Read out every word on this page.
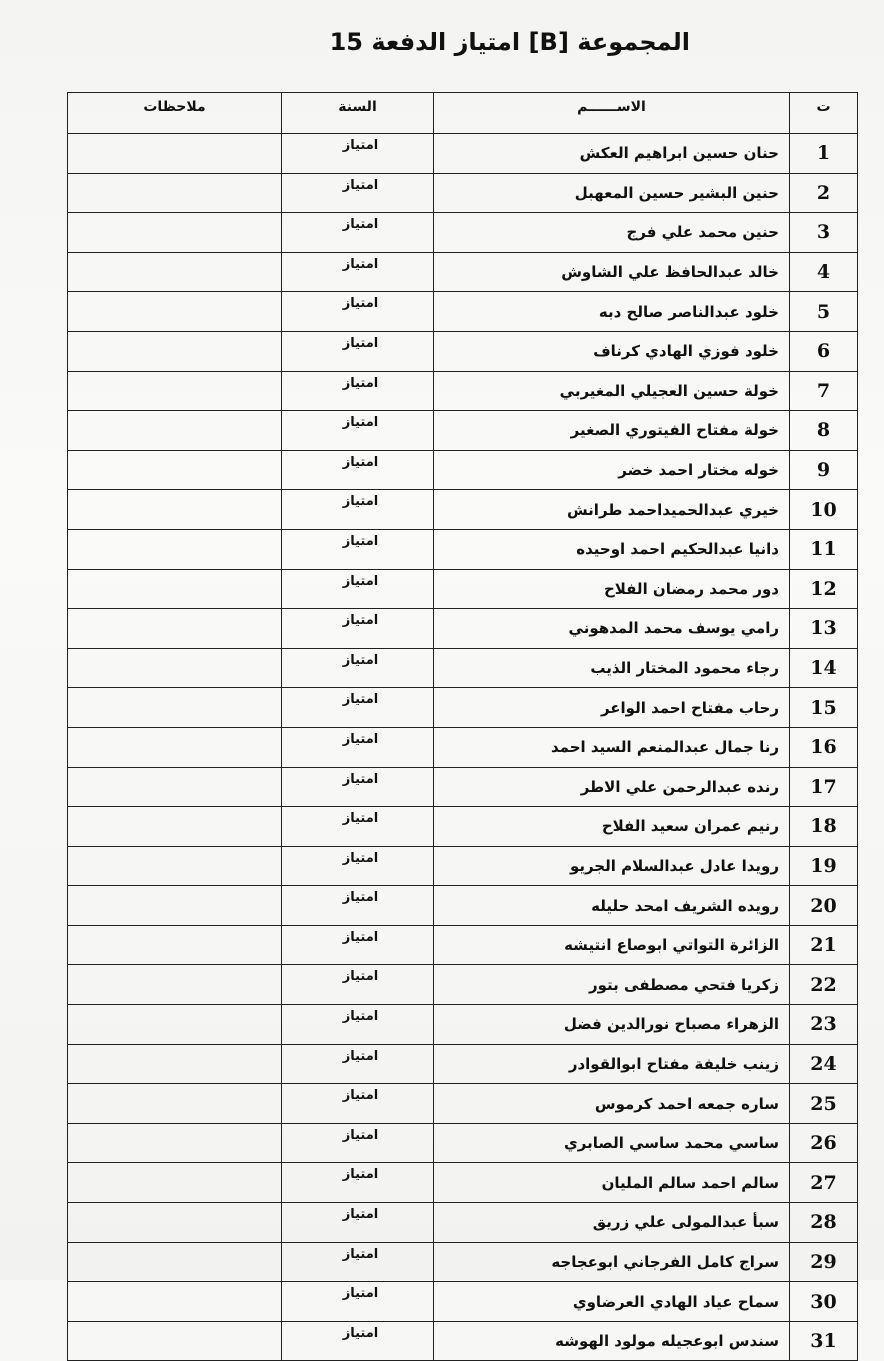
المجموعة [B] امتياز الدفعة 15
ت	الاســــــم	السنة	ملاحظات
1	حنان حسين ابراهيم العكش	امتياز	
2	حنين البشير حسين المعهبل	امتياز	
3	حنين محمد علي فرج	امتياز	
4	خالد عبدالحافظ علي الشاوش	امتياز	
5	خلود عبدالناصر صالح دبه	امتياز	
6	خلود فوزي الهادي كرناف	امتياز	
7	خولة حسين العجيلي المغيربي	امتياز	
8	خولة مفتاح الفيتوري الصغير	امتياز	
9	خوله مختار احمد خضر	امتياز	
10	خيري عبدالحميداحمد طرانش	امتياز	
11	دانيا عبدالحكيم احمد اوحيده	امتياز	
12	دور محمد رمضان الفلاح	امتياز	
13	رامي يوسف محمد المدهوني	امتياز	
14	رجاء محمود المختار الذيب	امتياز	
15	رحاب مفتاح احمد الواعر	امتياز	
16	رنا جمال عبدالمنعم السيد احمد	امتياز	
17	رنده عبدالرحمن علي الاطر	امتياز	
18	رنيم عمران سعيد الفلاح	امتياز	
19	رويدا عادل عبدالسلام الجريو	امتياز	
20	رويده الشريف امحد حليله	امتياز	
21	الزائرة التواتي ابوصاع انتيشه	امتياز	
22	زكريا فتحي مصطفى بتور	امتياز	
23	الزهراء مصباح نورالدين فضل	امتياز	
24	زينب خليفة مفتاح ابوالقوادر	امتياز	
25	ساره جمعه احمد كرموس	امتياز	
26	ساسي محمد ساسي الصابري	امتياز	
27	سالم احمد سالم المليان	امتياز	
28	سبأ عبدالمولى علي زريق	امتياز	
29	سراج كامل الفرجاني ابوعجاجه	امتياز	
30	سماح عياد الهادي العرضاوي	امتياز	
31	سندس ابوعجيله مولود الهوشه	امتياز	
